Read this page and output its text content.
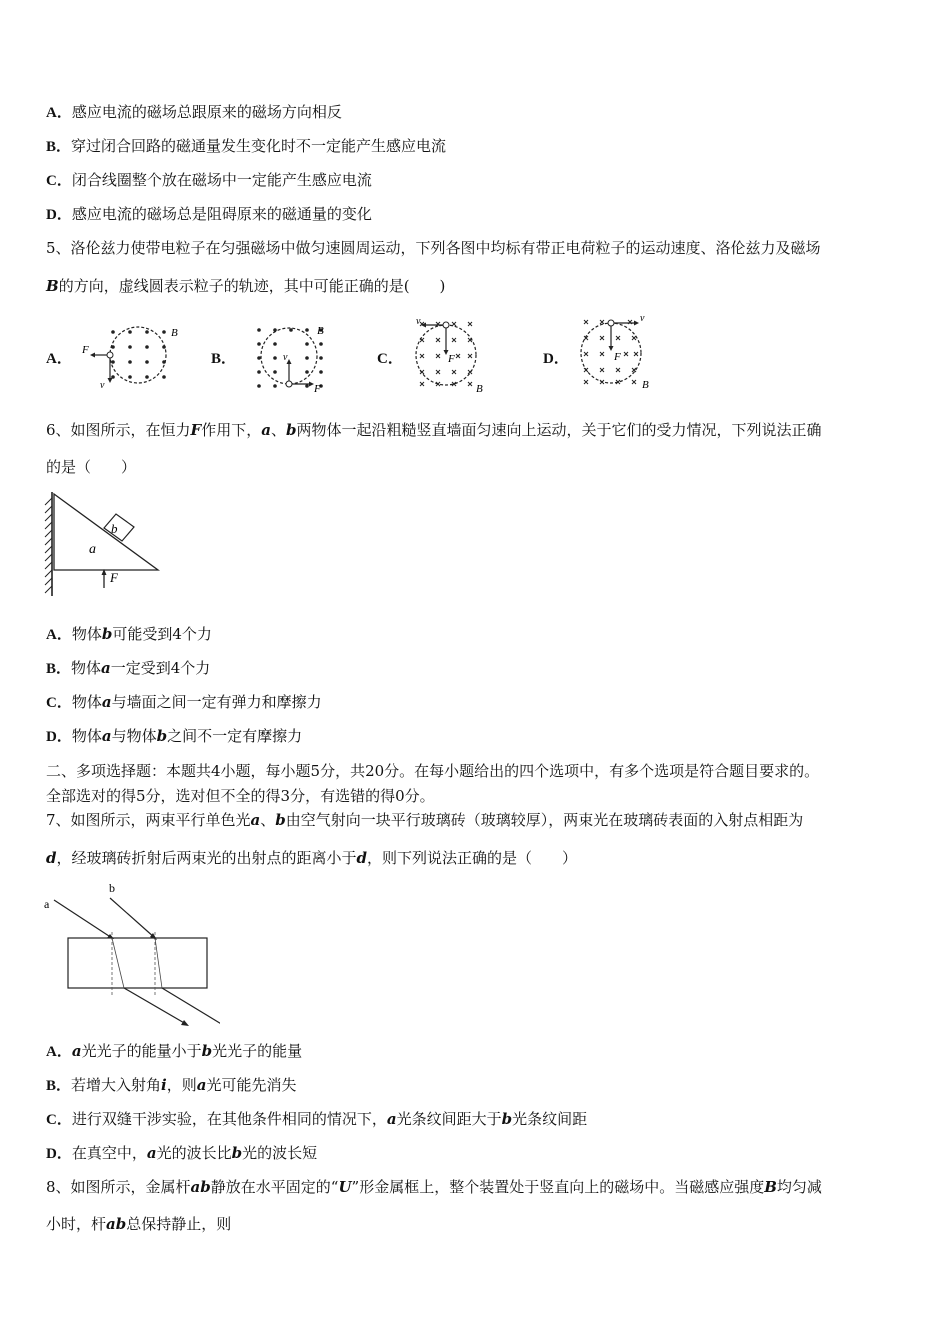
A．感应电流的磁场总跟原来的磁场方向相反
B．穿过闭合回路的磁通量发生变化时不一定能产生感应电流
C．闭合线圈整个放在磁场中一定能产生感应电流
D．感应电流的磁场总是阻碍原来的磁通量的变化
5、洛伦兹力使带电粒子在匀强磁场中做匀速圆周运动，下列各图中均标有带正电荷粒子的运动速度、洛伦兹力及磁场
B的方向，虚线圆表示粒子的轨迹，其中可能正确的是(　　)
A．	B．	C．	D．
F
v
B
v
F
B
v
F
B
v
F
B
6、如图所示，在恒力F作用下，a、b两物体一起沿粗糙竖直墙面匀速向上运动，关于它们的受力情况，下列说法正确
的是（　　）
b
a
F
A．物体b可能受到4个力
B．物体a一定受到4个力
C．物体a与墙面之间一定有弹力和摩擦力
D．物体a与物体b之间不一定有摩擦力
二、多项选择题：本题共4小题，每小题5分，共20分。在每小题给出的四个选项中，有多个选项是符合题目要求的。
全部选对的得5分，选对但不全的得3分，有选错的得0分。
7、如图所示，两束平行单色光a、b由空气射向一块平行玻璃砖（玻璃较厚），两束光在玻璃砖表面的入射点相距为
d，经玻璃砖折射后两束光的出射点的距离小于d，则下列说法正确的是（　　）
a
b
A．a光光子的能量小于b光光子的能量
B．若增大入射角i，则a光可能先消失
C．进行双缝干涉实验，在其他条件相同的情况下，a光条纹间距大于b光条纹间距
D．在真空中，a光的波长比b光的波长短
8、如图所示，金属杆ab静放在水平固定的“U”形金属框上，整个装置处于竖直向上的磁场中。当磁感应强度B均匀减
小时，杆ab总保持静止，则
